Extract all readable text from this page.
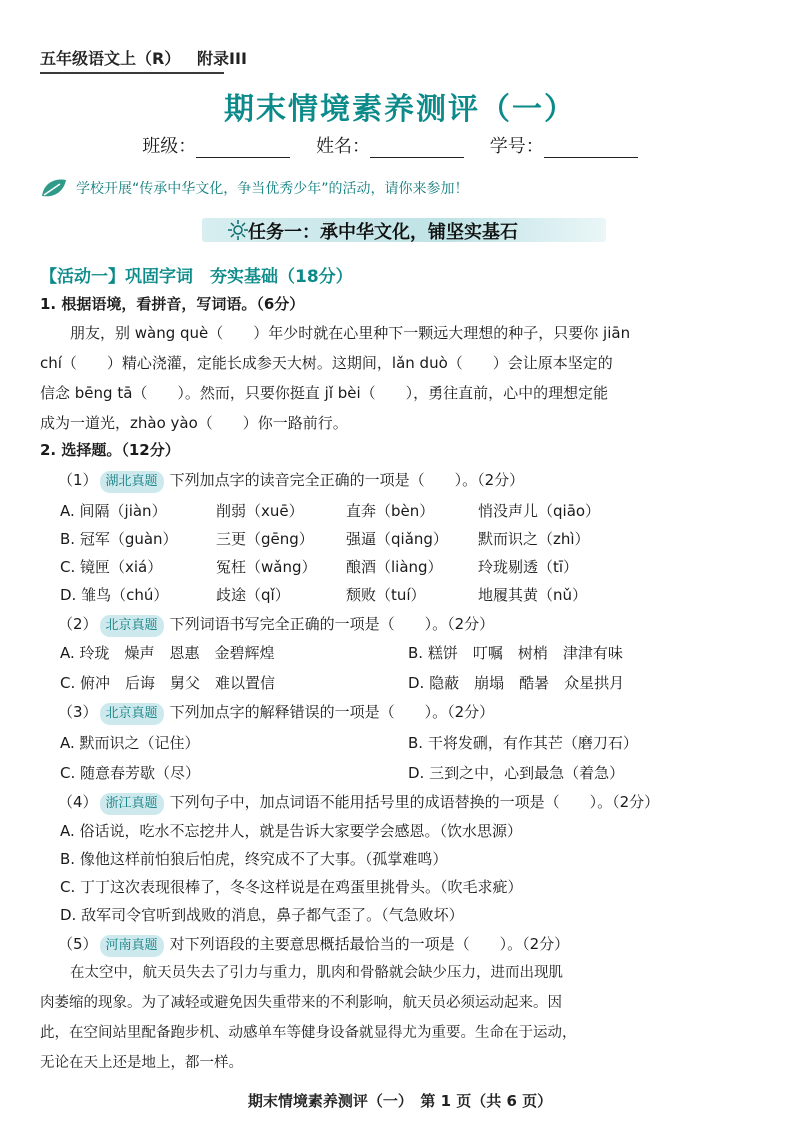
五年级语文上（R） 附录III
期末情境素养测评（一）
班级：	姓名：	学号：
学校开展“传承中华文化，争当优秀少年”的活动，请你来参加！
任务一：承中华文化，铺坚实基石
【活动一】巩固字词　夯实基础（18分）
1. 根据语境，看拼音，写词语。（6分）
朋友，别 wàng què（　　）年少时就在心里种下一颗远大理想的种子，只要你 jiān
chí（　　）精心浇灌，定能长成参天大树。这期间，lǎn duò（　　）会让原本坚定的
信念 bēng tā（　　）。然而，只要你挺直 jǐ bèi（　　），勇往直前，心中的理想定能
成为一道光，zhào yào（　　）你一路前行。
2. 选择题。（12分）
（1） 湖北真题 下列加点字的读音完全正确的一项是（　　）。（2分）
A. 间隔（jiàn）	削弱（xuē）	直奔（bèn）	悄没声儿（qiāo）
B. 冠军（guàn）	三更（gēng） 强逼（qiǎng） 默而识之（zhì）
C. 镜匣（xiá）	冤枉（wǎng） 酿酒（liàng） 玲珑剔透（tī）
D. 雏鸟（chú）	歧途（qǐ）	颓败（tuí）	地履其黄（nǔ）
（2） 北京真题 下列词语书写完全正确的一项是（　　）。（2分）
A. 玲珑　燥声　恩惠　金碧辉煌	B. 糕饼　叮嘱　树梢　津津有味
C. 俯冲　后诲　舅父　难以置信	D. 隐蔽　崩塌　酷暑　众星拱月
（3） 北京真题 下列加点字的解释错误的一项是（　　）。（2分）
A. 默而识之（记住）	B. 干将发硎，有作其芒（磨刀石）
C. 随意春芳歇（尽）	D. 三到之中，心到最急（着急）
（4） 浙江真题 下列句子中，加点词语不能用括号里的成语替换的一项是（　　）。（2分）
A. 俗话说，吃水不忘挖井人，就是告诉大家要学会感恩。（饮水思源）
B. 像他这样前怕狼后怕虎，终究成不了大事。（孤掌难鸣）
C. 丁丁这次表现很棒了，冬冬这样说是在鸡蛋里挑骨头。（吹毛求疵）
D. 敌军司令官听到战败的消息，鼻子都气歪了。（气急败坏）
（5） 河南真题 对下列语段的主要意思概括最恰当的一项是（　　）。（2分）
在太空中，航天员失去了引力与重力，肌肉和骨骼就会缺少压力，进而出现肌
肉萎缩的现象。为了减轻或避免因失重带来的不利影响，航天员必须运动起来。因
此，在空间站里配备跑步机、动感单车等健身设备就显得尤为重要。生命在于运动，
无论在天上还是地上，都一样。
期末情境素养测评（一）　第 1 页（共 6 页）
